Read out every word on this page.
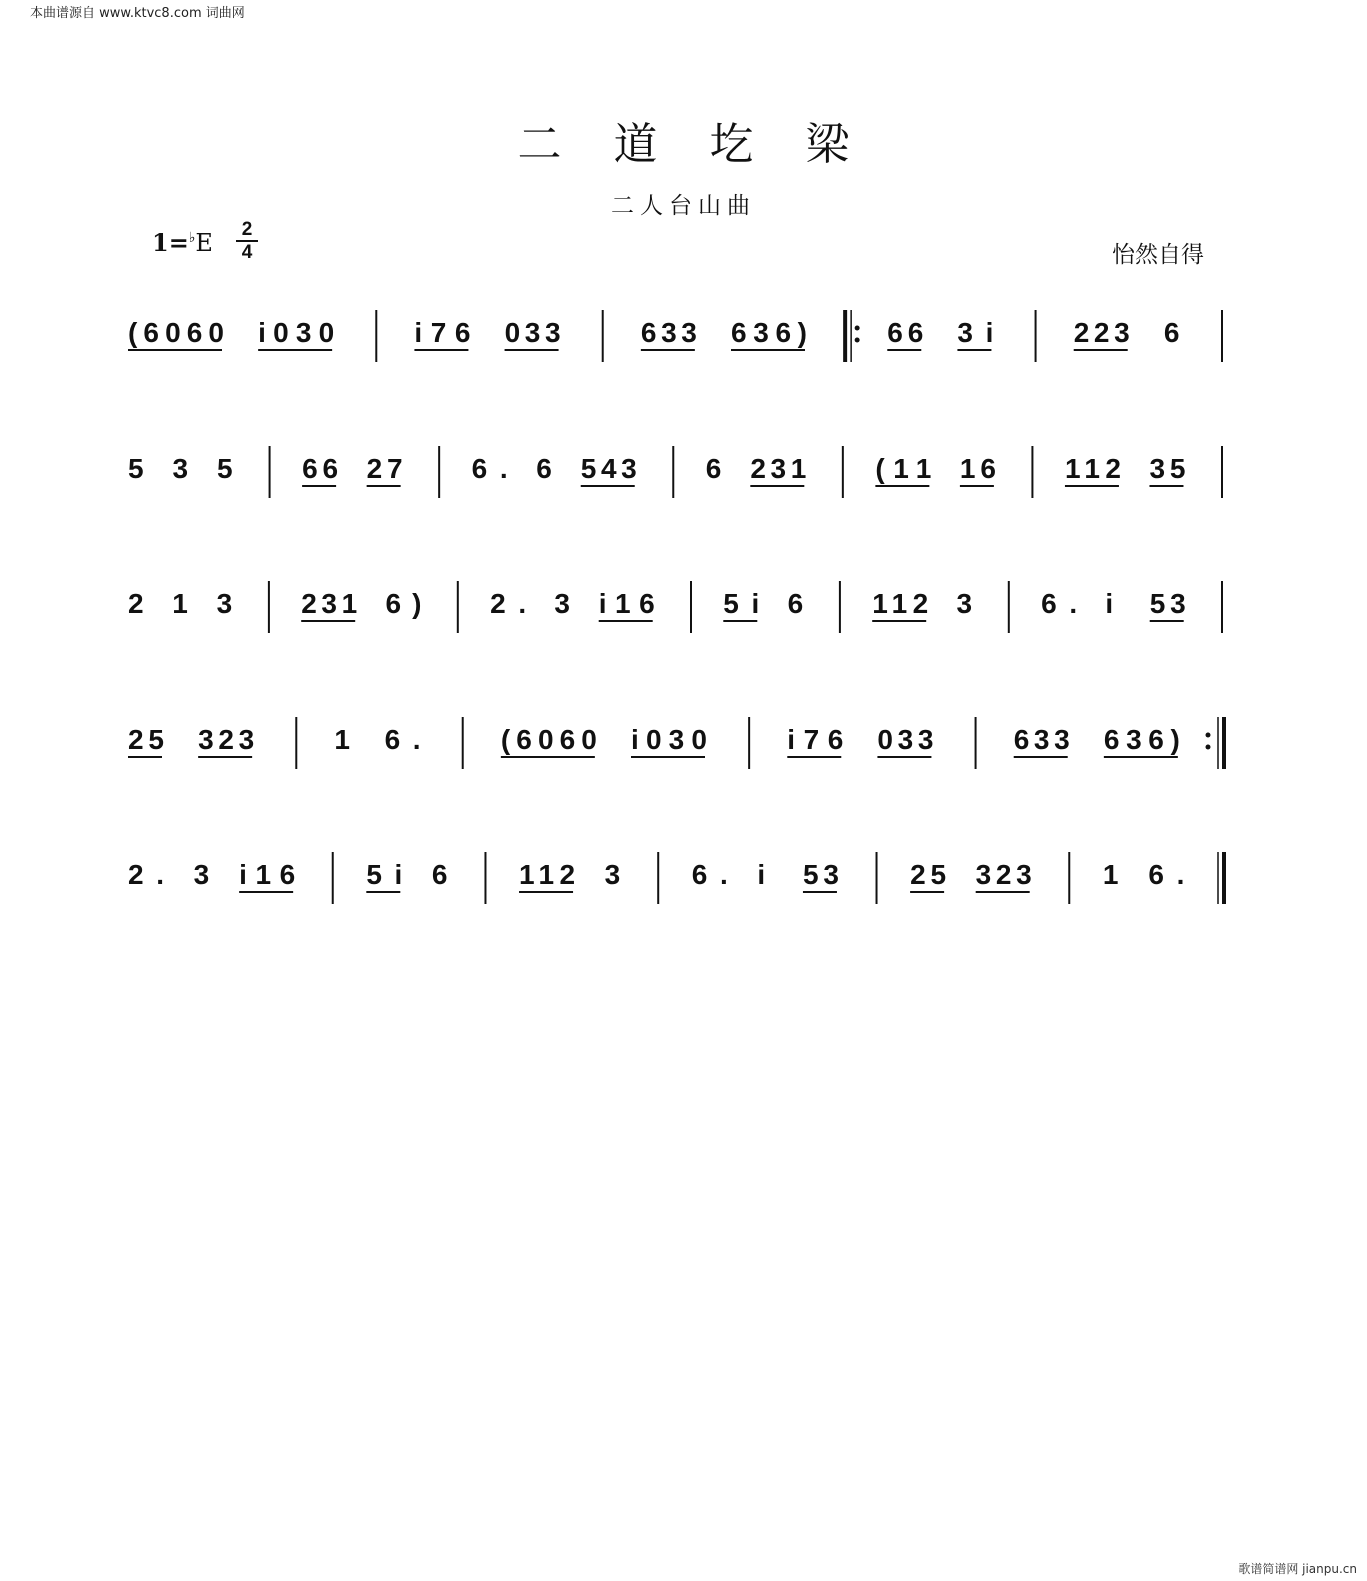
本曲谱源自 www.ktvc8.com 词曲网
二道圪梁
二人台山曲
1=♭E	2
4	怡然自得
(6060 i030	i76 033	633 636)	66 3i	223 6
5 3 5 66 27 6. 6 543 6 231 (11 16 112 35
2 1 3 231 6) 2. 3 i16 5i 6 112 3 6. i 53
25 323	1 6.	(6060 i030	i76 033	633 636)
2. 3 i16	5i 6	112 3	6. i 53	25 323	1 6.
歌谱简谱网 jianpu.cn
